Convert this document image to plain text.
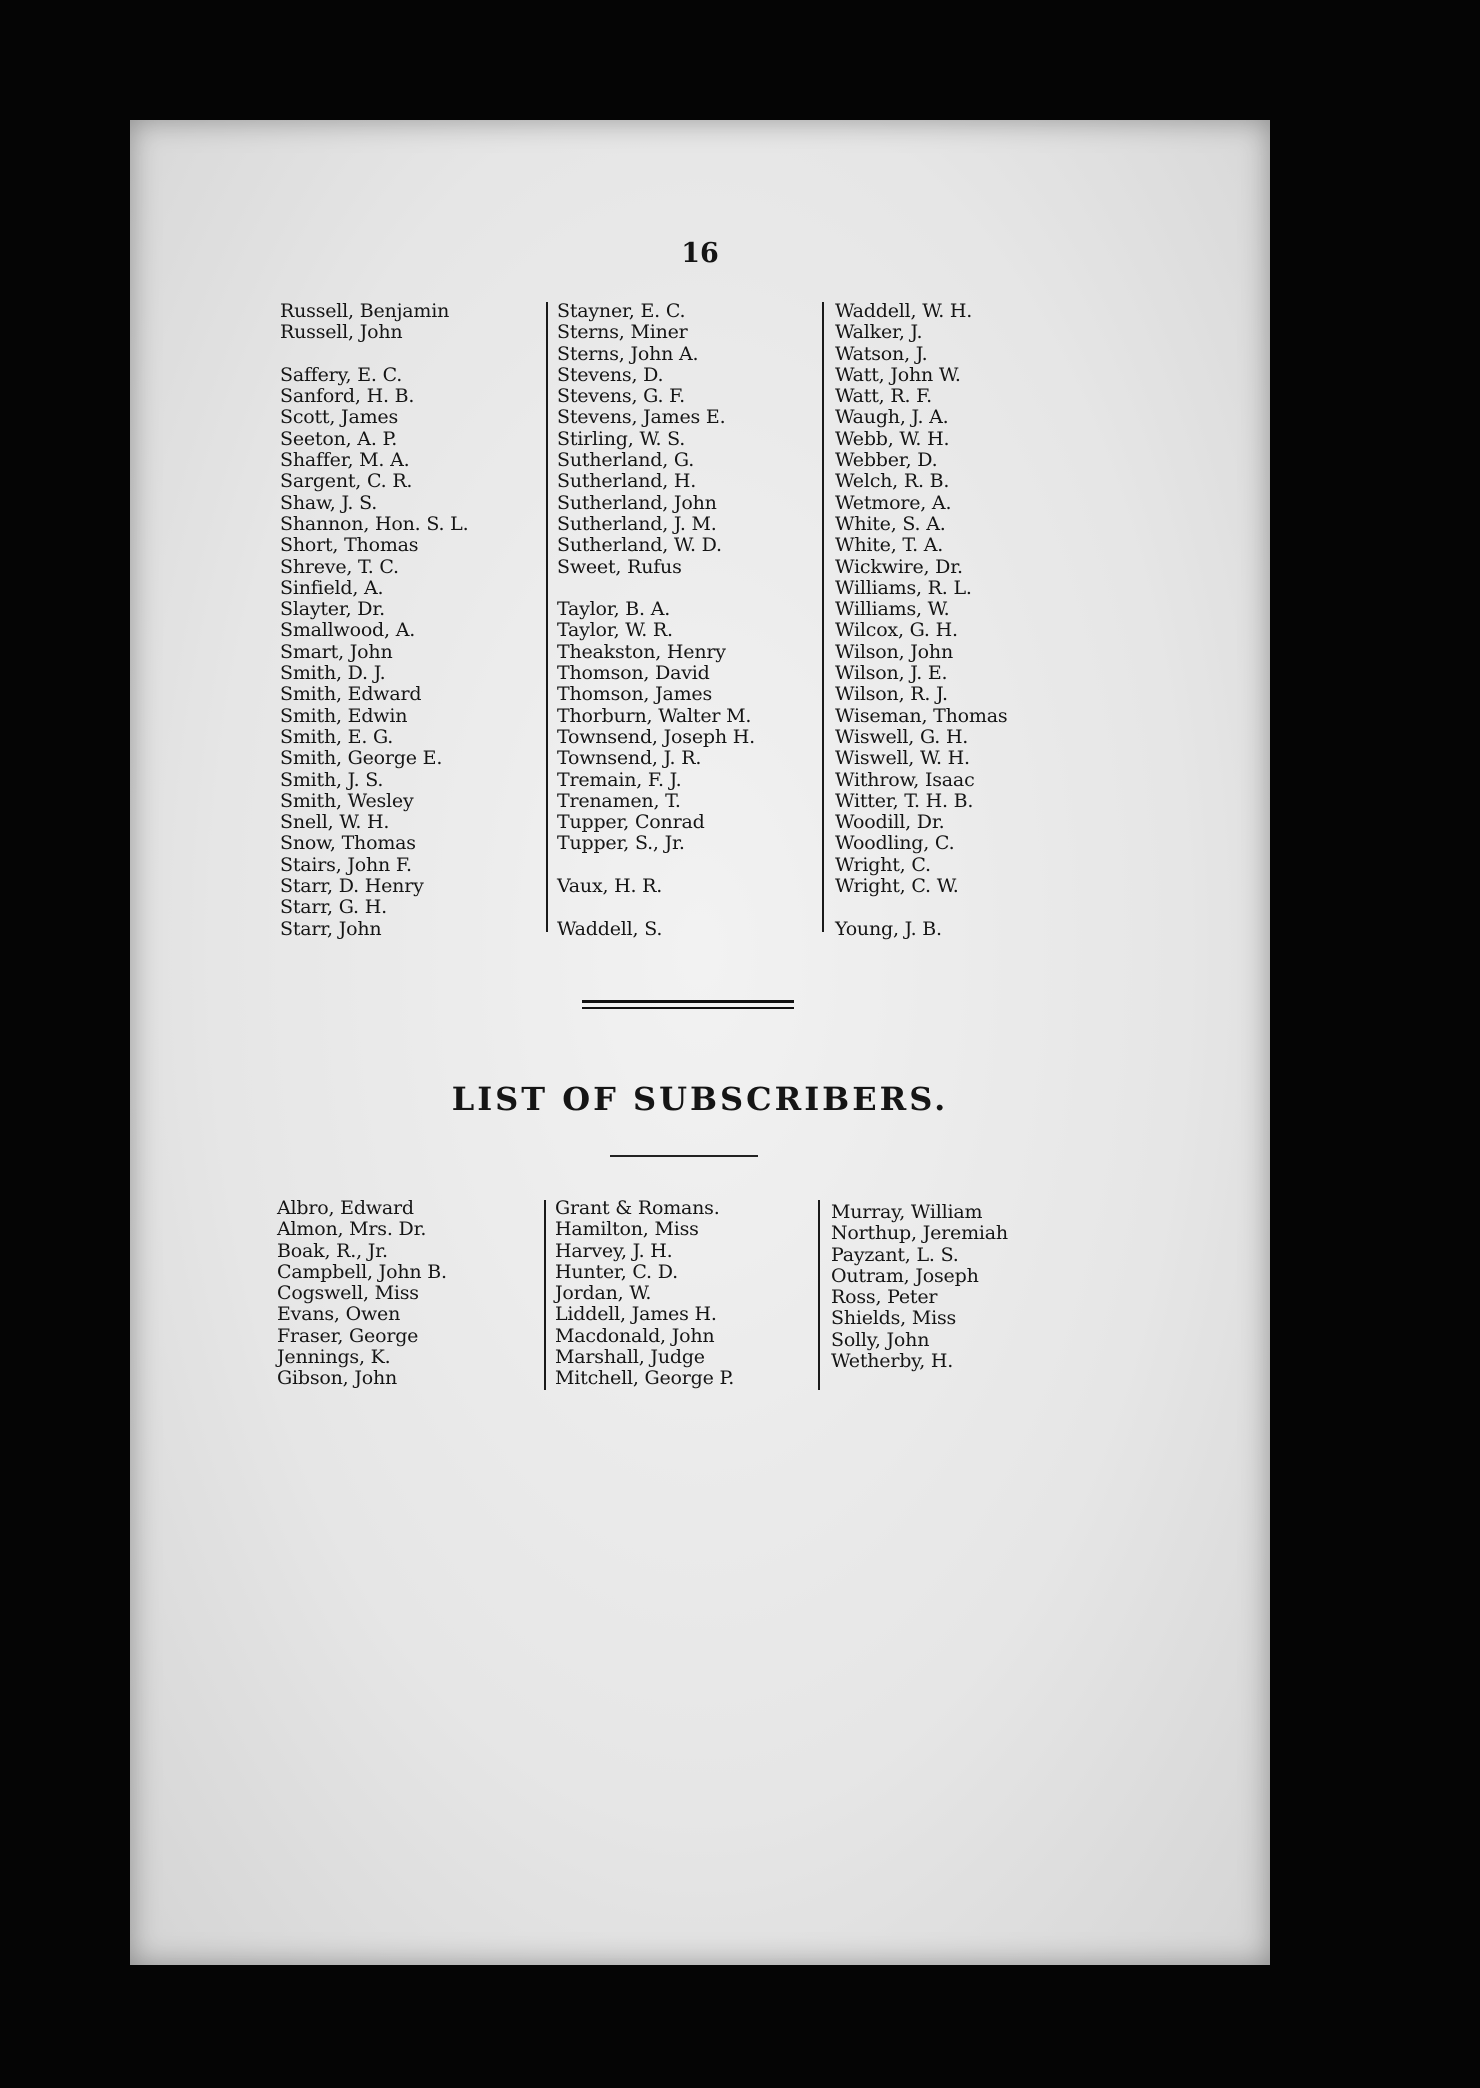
16
Russell, Benjamin
Russell, John
Saffery, E. C.
Sanford, H. B.
Scott, James
Seeton, A. P.
Shaffer, M. A.
Sargent, C. R.
Shaw, J. S.
Shannon, Hon. S. L.
Short, Thomas
Shreve, T. C.
Sinfield, A.
Slayter, Dr.
Smallwood, A.
Smart, John
Smith, D. J.
Smith, Edward
Smith, Edwin
Smith, E. G.
Smith, George E.
Smith, J. S.
Smith, Wesley
Snell, W. H.
Snow, Thomas
Stairs, John F.
Starr, D. Henry
Starr, G. H.
Starr, John
Stayner, E. C.
Sterns, Miner
Sterns, John A.
Stevens, D.
Stevens, G. F.
Stevens, James E.
Stirling, W. S.
Sutherland, G.
Sutherland, H.
Sutherland, John
Sutherland, J. M.
Sutherland, W. D.
Sweet, Rufus
Taylor, B. A.
Taylor, W. R.
Theakston, Henry
Thomson, David
Thomson, James
Thorburn, Walter M.
Townsend, Joseph H.
Townsend, J. R.
Tremain, F. J.
Trenamen, T.
Tupper, Conrad
Tupper, S., Jr.
Vaux, H. R.
Waddell, S.
Waddell, W. H.
Walker, J.
Watson, J.
Watt, John W.
Watt, R. F.
Waugh, J. A.
Webb, W. H.
Webber, D.
Welch, R. B.
Wetmore, A.
White, S. A.
White, T. A.
Wickwire, Dr.
Williams, R. L.
Williams, W.
Wilcox, G. H.
Wilson, John
Wilson, J. E.
Wilson, R. J.
Wiseman, Thomas
Wiswell, G. H.
Wiswell, W. H.
Withrow, Isaac
Witter, T. H. B.
Woodill, Dr.
Woodling, C.
Wright, C.
Wright, C. W.
Young, J. B.
LIST OF SUBSCRIBERS.
Albro, Edward
Almon, Mrs. Dr.
Boak, R., Jr.
Campbell, John B.
Cogswell, Miss
Evans, Owen
Fraser, George
Jennings, K.
Gibson, John
Grant & Romans.
Hamilton, Miss
Harvey, J. H.
Hunter, C. D.
Jordan, W.
Liddell, James H.
Macdonald, John
Marshall, Judge
Mitchell, George P.
Murray, William
Northup, Jeremiah
Payzant, L. S.
Outram, Joseph
Ross, Peter
Shields, Miss
Solly, John
Wetherby, H.
